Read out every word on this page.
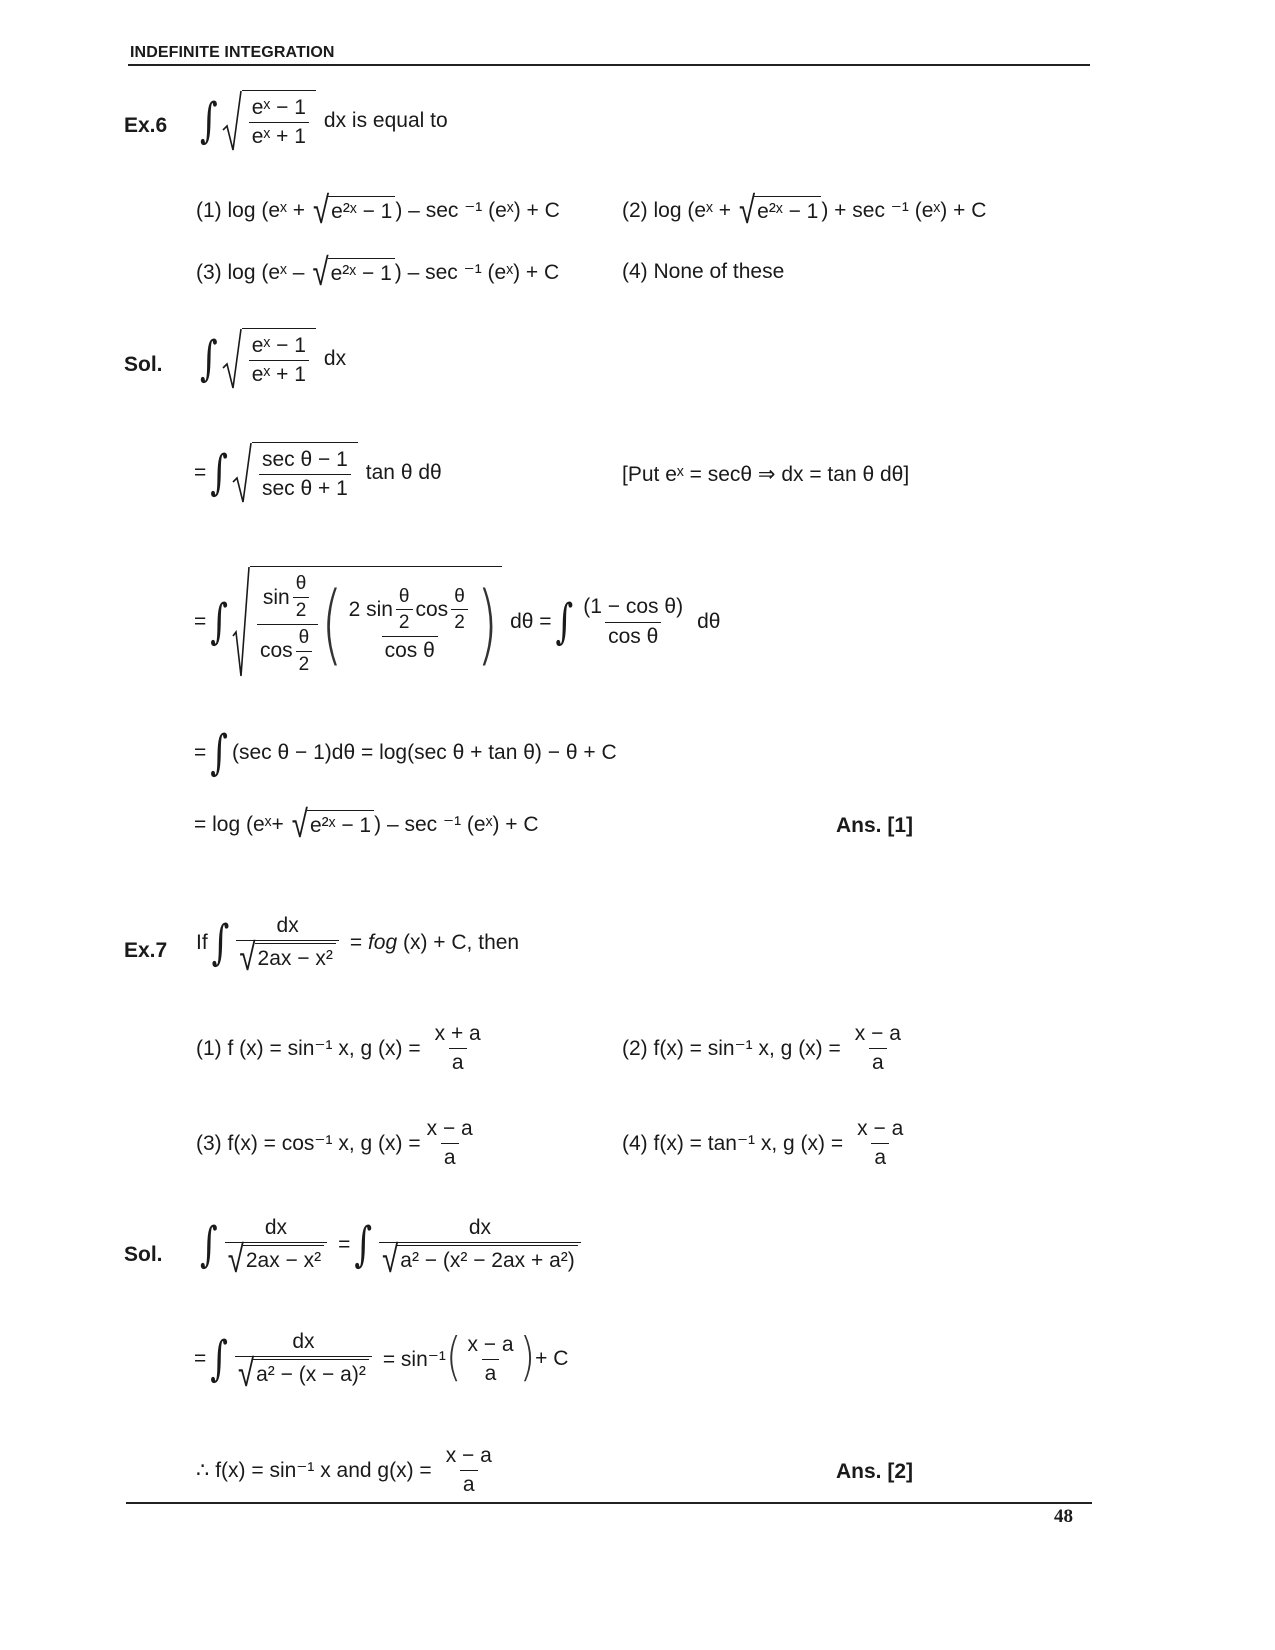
INDEFINITE INTEGRATION
Ex.6 ∫ $\frac{\text{eˣ − 1}}{\text{eˣ + 1}}$ dx is equal to
(1) log (eˣ + √ e²ˣ − 1 ) – sec ⁻¹ (eˣ) + C	(2) log (eˣ + √ e²ˣ − 1 ) + sec ⁻¹ (eˣ) + C
(3) log (eˣ – √ e²ˣ − 1 ) – sec ⁻¹ (eˣ) + C	(4) None of these
Sol. ∫ $\frac{\text{eˣ − 1}}{\text{eˣ + 1}}$ dx
= ∫ $\frac{\text{sec θ − 1}}{\text{sec θ + 1}}$ tan θ dθ	[Put eˣ = secθ ⇒ dx = tan θ dθ]
= ∫ $\frac{\sin \frac{\theta}{2}}{\cos \frac{\theta}{2}}$ ( $\frac{2 \sin \frac{\theta}{2} \cos \frac{\theta}{2}}{\text{cos θ}}$ ) dθ = ∫ $\frac{\text{(1 − cos θ)}}{\text{cos θ}}$ dθ
= ∫ (sec θ − 1)dθ = log(sec θ + tan θ) − θ + C
= log (eˣ+ √ e²ˣ − 1 ) – sec ⁻¹ (eˣ) + C	Ans. [1]
Ex.7 If ∫ $\frac{dx}{\text{√ 2ax − x²}}$ =
fog (x) + C, then
(1) f (x) = sin⁻¹ x, g $(x) = \frac{x + a}{a}$	(2) f(x) = sin⁻¹ x, g $(x) = \frac{x - a}{a}$
(3) f(x) = cos⁻¹ x, g $(x) = \frac{x - a}{a}$	(4) f(x) = tan⁻¹ x, g $(x) = \frac{x - a}{a}$
Sol. ∫ $\frac{dx}{\text{√ 2ax − x²}}$ = ∫ $\frac{dx}{\text{√ a² − (x² − 2ax + a²)}}$
= ∫ $\frac{dx}{\text{√ a² − (x − a)²}} = \sin^{-1}$ ( $\frac{x - a}{a}$ ) + C
∴ f(x) = sin⁻¹ x and $g(x) = \frac{x - a}{a}$	Ans. [2]
48
